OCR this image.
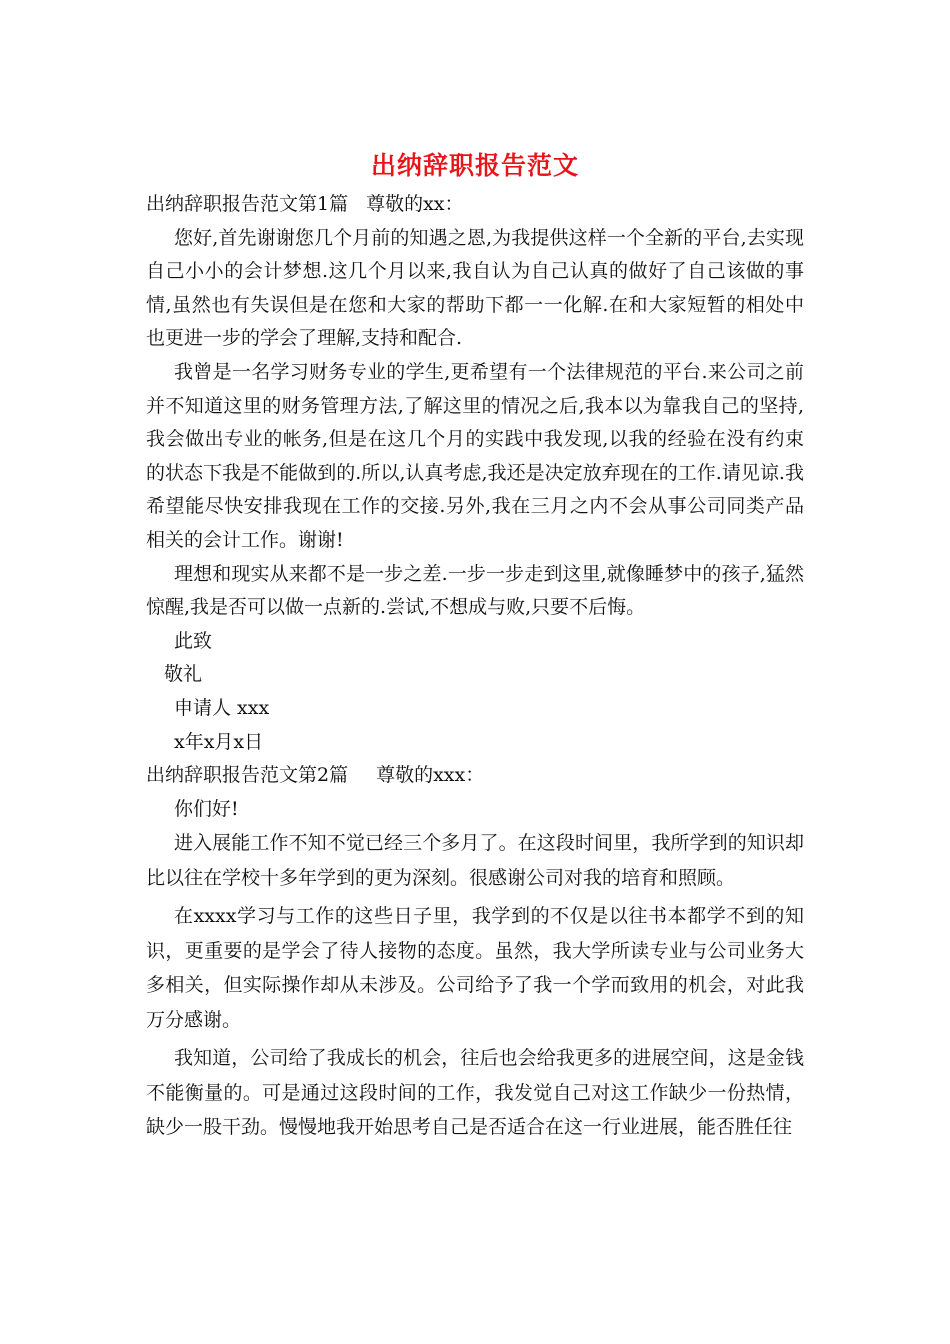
出纳辞职报告范文

出纳辞职报告范文第1篇 尊敬的xx：

您好,首先谢谢您几个月前的知遇之恩,为我提供这样一个全新的平台,去实现自己小小的会计梦想.这几个月以来,我自认为自己认真的做好了自己该做的事情,虽然也有失误但是在您和大家的帮助下都一一化解.在和大家短暂的相处中也更进一步的学会了理解,支持和配合.

我曾是一名学习财务专业的学生,更希望有一个法律规范的平台.来公司之前并不知道这里的财务管理方法,了解这里的情况之后,我本以为靠我自己的坚持,我会做出专业的帐务,但是在这几个月的实践中我发现,以我的经验在没有约束的状态下我是不能做到的.所以,认真考虑,我还是决定放弃现在的工作.请见谅.我希望能尽快安排我现在工作的交接.另外,我在三月之内不会从事公司同类产品相关的会计工作。谢谢!

理想和现实从来都不是一步之差.一步一步走到这里,就像睡梦中的孩子,猛然惊醒,我是否可以做一点新的.尝试,不想成与败,只要不后悔。

此致

敬礼

申请人 xxx

x年x月x日

出纳辞职报告范文第2篇 尊敬的xxx：

你们好!

进入展能工作不知不觉已经三个多月了。在这段时间里，我所学到的知识却比以往在学校十多年学到的更为深刻。很感谢公司对我的培育和照顾。

在xxxx学习与工作的这些日子里，我学到的不仅是以往书本都学不到的知识，更重要的是学会了待人接物的态度。虽然，我大学所读专业与公司业务大多相关，但实际操作却从未涉及。公司给予了我一个学而致用的机会，对此我万分感谢。

我知道，公司给了我成长的机会，往后也会给我更多的进展空间，这是金钱不能衡量的。可是通过这段时间的工作，我发觉自己对这工作缺少一份热情，缺少一股干劲。慢慢地我开始思考自己是否适合在这一行业进展，能否胜任往
